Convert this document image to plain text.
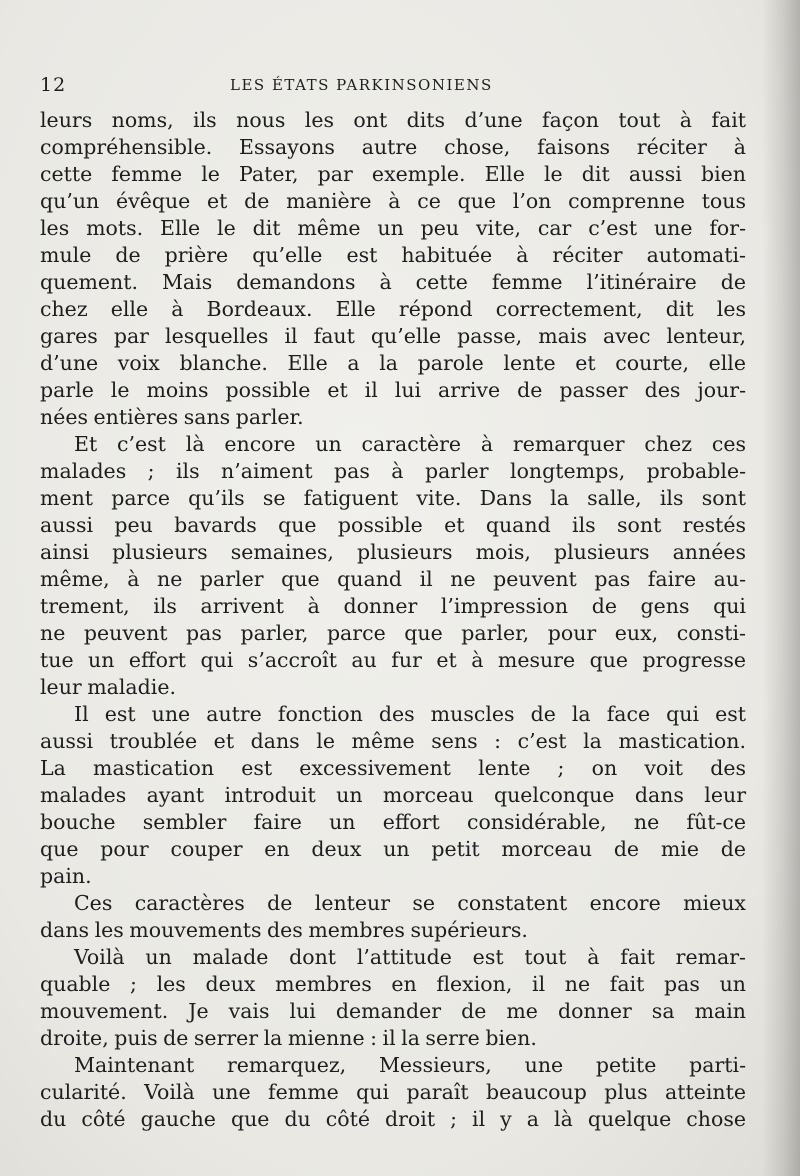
12	LES ÉTATS PARKINSONIENS
leurs noms, ils nous les ont dits d’une façon tout à fait
compréhensible. Essayons autre chose, faisons réciter à
cette femme le Pater, par exemple. Elle le dit aussi bien
qu’un évêque et de manière à ce que l’on comprenne tous
les mots. Elle le dit même un peu vite, car c’est une for-
mule de prière qu’elle est habituée à réciter automati-
quement. Mais demandons à cette femme l’itinéraire de
chez elle à Bordeaux. Elle répond correctement, dit les
gares par lesquelles il faut qu’elle passe, mais avec lenteur,
d’une voix blanche. Elle a la parole lente et courte, elle
parle le moins possible et il lui arrive de passer des jour-
nées entières sans parler.
Et c’est là encore un caractère à remarquer chez ces
malades ; ils n’aiment pas à parler longtemps, probable-
ment parce qu’ils se fatiguent vite. Dans la salle, ils sont
aussi peu bavards que possible et quand ils sont restés
ainsi plusieurs semaines, plusieurs mois, plusieurs années
même, à ne parler que quand il ne peuvent pas faire au-
trement, ils arrivent à donner l’impression de gens qui
ne peuvent pas parler, parce que parler, pour eux, consti-
tue un effort qui s’accroît au fur et à mesure que progresse
leur maladie.
Il est une autre fonction des muscles de la face qui est
aussi troublée et dans le même sens : c’est la mastication.
La mastication est excessivement lente ; on voit des
malades ayant introduit un morceau quelconque dans leur
bouche sembler faire un effort considérable, ne fût-ce
que pour couper en deux un petit morceau de mie de
pain.
Ces caractères de lenteur se constatent encore mieux
dans les mouvements des membres supérieurs.
Voilà un malade dont l’attitude est tout à fait remar-
quable ; les deux membres en flexion, il ne fait pas un
mouvement. Je vais lui demander de me donner sa main
droite, puis de serrer la mienne : il la serre bien.
Maintenant remarquez, Messieurs, une petite parti-
cularité. Voilà une femme qui paraît beaucoup plus atteinte
du côté gauche que du côté droit ; il y a là quelque chose
